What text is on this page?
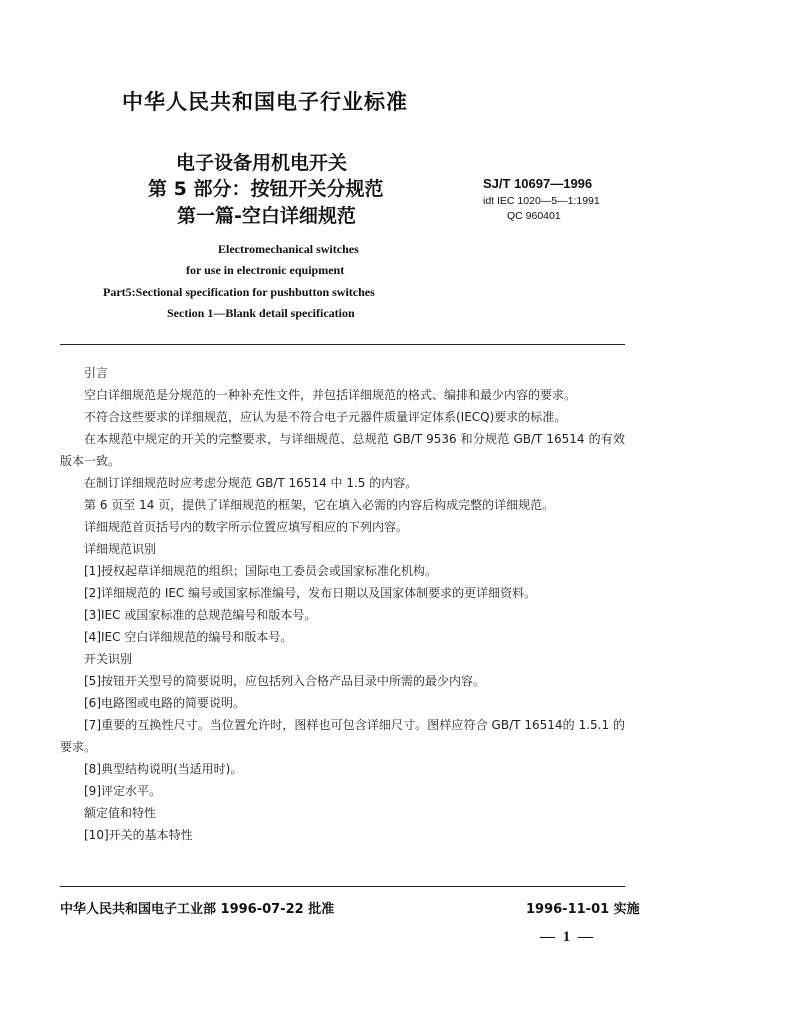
中华人民共和国电子行业标准
电子设备用机电开关
第 5 部分：按钮开关分规范
第一篇-空白详细规范
SJ/T 10697—1996
idt IEC 1020—5—1:1991
QC 960401
Electromechanical switches
for use in electronic equipment
Part5:Sectional specification for pushbutton switches
Section 1—Blank detail specification

引言

空白详细规范是分规范的一种补充性文件，并包括详细规范的格式、编排和最少内容的要求。

不符合这些要求的详细规范，应认为是不符合电子元器件质量评定体系(IECQ)要求的标准。

在本规范中规定的开关的完整要求，与详细规范、总规范 GB/T 9536 和分规范 GB/T 16514 的有效版本一致。

在制订详细规范时应考虑分规范 GB/T 16514 中 1.5 的内容。

第 6 页至 14 页，提供了详细规范的框架，它在填入必需的内容后构成完整的详细规范。

详细规范首页括号内的数字所示位置应填写相应的下列内容。

详细规范识别

[1]授权起草详细规范的组织；国际电工委员会或国家标准化机构。

[2]详细规范的 IEC 编号或国家标准编号，发布日期以及国家体制要求的更详细资料。

[3]IEC 或国家标准的总规范编号和版本号。

[4]IEC 空白详细规范的编号和版本号。

开关识别

[5]按钮开关型号的简要说明，应包括列入合格产品目录中所需的最少内容。

[6]电路图或电路的简要说明。

[7]重要的互换性尺寸。当位置允许时，图样也可包含详细尺寸。图样应符合 GB/T 16514的 1.5.1 的要求。

[8]典型结构说明(当适用时)。

[9]评定水平。

额定值和特性

[10]开关的基本特性

中华人民共和国电子工业部 1996-07-22 批准	1996-11-01 实施
— 1 —
